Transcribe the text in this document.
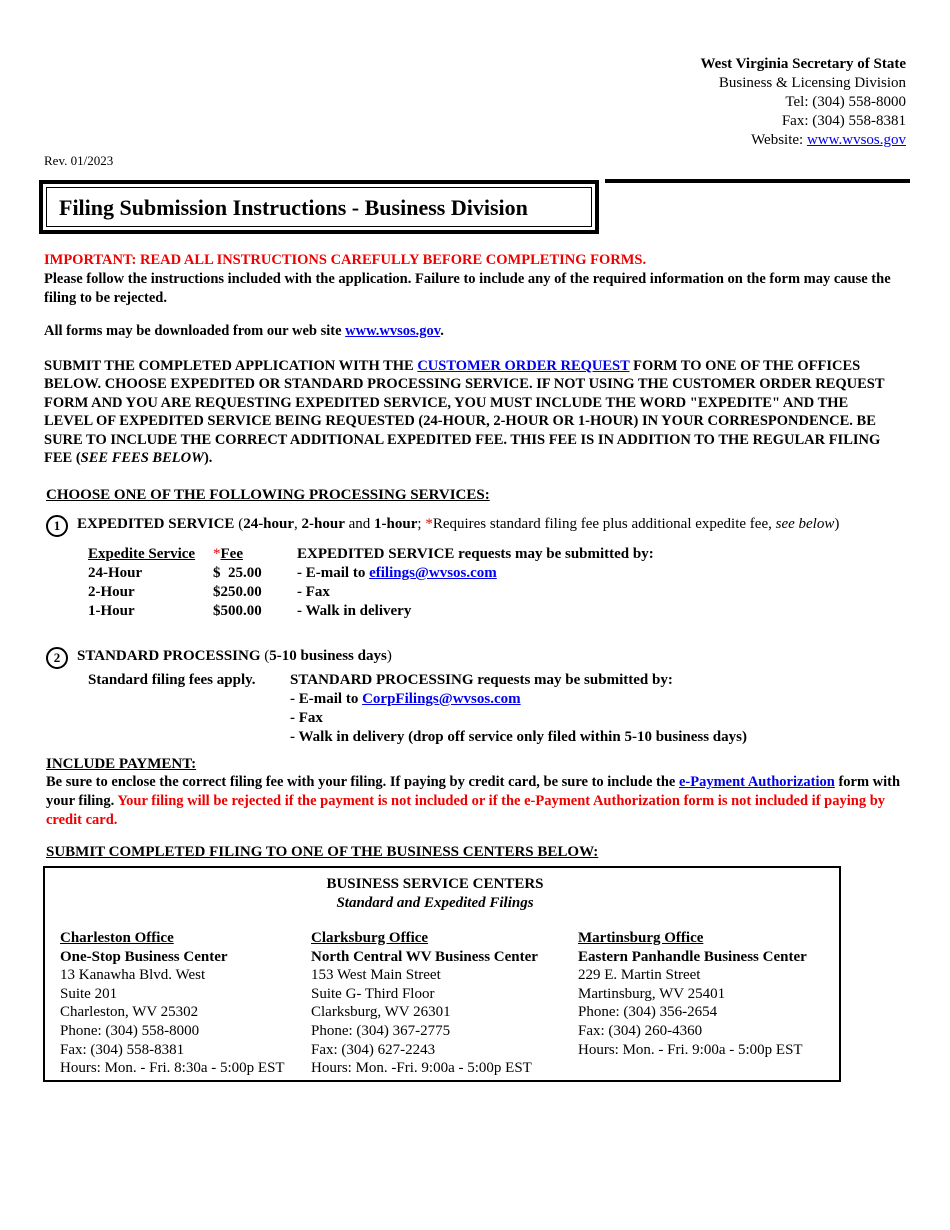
West Virginia Secretary of State
Business & Licensing Division
Tel: (304) 558-8000
Fax: (304) 558-8381
Website: www.wvsos.gov
Rev. 01/2023
Filing Submission Instructions - Business Division
IMPORTANT: READ ALL INSTRUCTIONS CAREFULLY BEFORE COMPLETING FORMS.
Please follow the instructions included with the application. Failure to include any of the required information on the form may cause the filing to be rejected.
All forms may be downloaded from our web site www.wvsos.gov.
SUBMIT THE COMPLETED APPLICATION WITH THE CUSTOMER ORDER REQUEST FORM TO ONE OF THE OFFICES BELOW. CHOOSE EXPEDITED OR STANDARD PROCESSING SERVICE. IF NOT USING THE CUSTOMER ORDER REQUEST FORM AND YOU ARE REQUESTING EXPEDITED SERVICE, YOU MUST INCLUDE THE WORD "EXPEDITE" AND THE LEVEL OF EXPEDITED SERVICE BEING REQUESTED (24-HOUR, 2-HOUR OR 1-HOUR) IN YOUR CORRESPONDENCE. BE SURE TO INCLUDE THE CORRECT ADDITIONAL EXPEDITED FEE. THIS FEE IS IN ADDITION TO THE REGULAR FILING FEE (SEE FEES BELOW).
CHOOSE ONE OF THE FOLLOWING PROCESSING SERVICES:
1	EXPEDITED SERVICE (24-hour, 2-hour and 1-hour; *Requires standard filing fee plus additional expedite fee, see below)
Expedite Service
24-Hour
2-Hour
1-Hour
*Fee
$  25.00
$250.00
$500.00
EXPEDITED SERVICE requests may be submitted by:
- E-mail to efilings@wvsos.com
- Fax
- Walk in delivery
2	STANDARD PROCESSING (5-10 business days)
Standard filing fees apply. STANDARD PROCESSING requests may be submitted by:
- E-mail to CorpFilings@wvsos.com
- Fax
- Walk in delivery (drop off service only filed within 5-10 business days)
INCLUDE PAYMENT:
Be sure to enclose the correct filing fee with your filing. If paying by credit card, be sure to include the e-Payment Authorization form with your filing. Your filing will be rejected if the payment is not included or if the e-Payment Authorization form is not included if paying by credit card.
SUBMIT COMPLETED FILING TO ONE OF THE BUSINESS CENTERS BELOW:
BUSINESS SERVICE CENTERS
Standard and Expedited Filings
Charleston Office
One-Stop Business Center
13 Kanawha Blvd. West
Suite 201
Charleston, WV 25302
Phone: (304) 558-8000
Fax: (304) 558-8381
Hours: Mon. - Fri. 8:30a - 5:00p EST
Clarksburg Office
North Central WV Business Center
153 West Main Street
Suite G- Third Floor
Clarksburg, WV 26301
Phone: (304) 367-2775
Fax: (304) 627-2243
Hours: Mon. -Fri. 9:00a - 5:00p EST
Martinsburg Office
Eastern Panhandle Business Center
229 E. Martin Street
Martinsburg, WV 25401
Phone: (304) 356-2654
Fax: (304) 260-4360
Hours: Mon. - Fri. 9:00a - 5:00p EST
